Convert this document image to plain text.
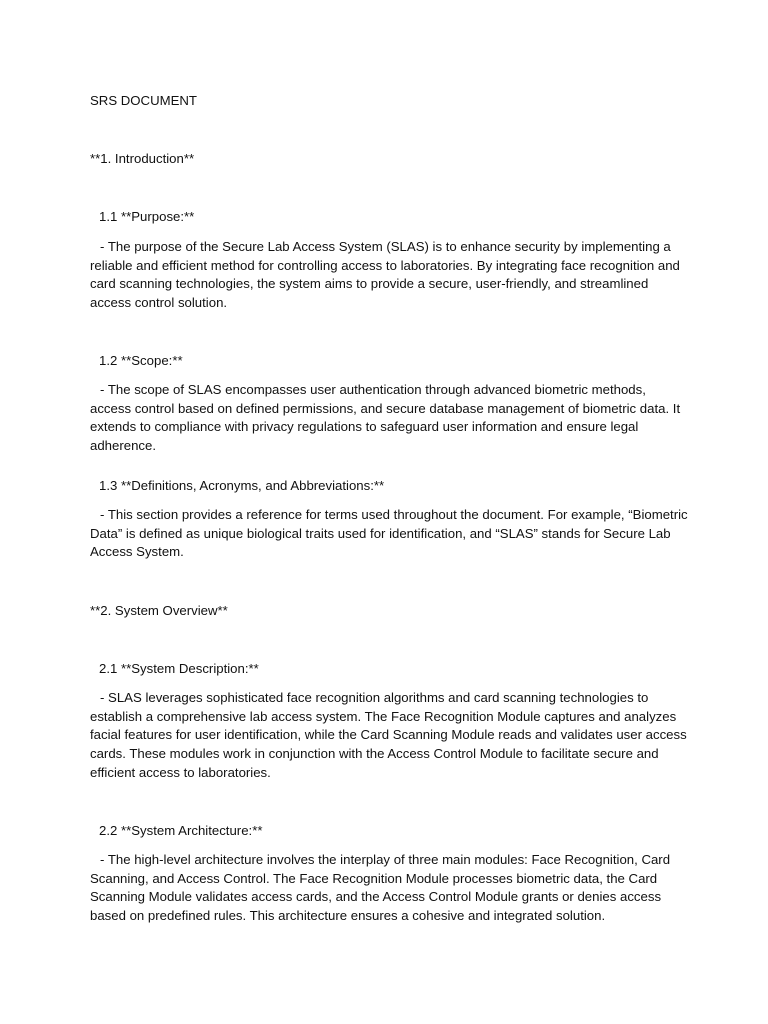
SRS DOCUMENT

**1. Introduction**

1.1 **Purpose:**

- The purpose of the Secure Lab Access System (SLAS) is to enhance security by implementing a reliable and efficient method for controlling access to laboratories. By integrating face recognition and card scanning technologies, the system aims to provide a secure, user-friendly, and streamlined access control solution.

1.2 **Scope:**

- The scope of SLAS encompasses user authentication through advanced biometric methods, access control based on defined permissions, and secure database management of biometric data. It extends to compliance with privacy regulations to safeguard user information and ensure legal adherence.

1.3 **Definitions, Acronyms, and Abbreviations:**

- This section provides a reference for terms used throughout the document. For example, “Biometric Data” is defined as unique biological traits used for identification, and “SLAS” stands for Secure Lab Access System.

**2. System Overview**

2.1 **System Description:**

- SLAS leverages sophisticated face recognition algorithms and card scanning technologies to establish a comprehensive lab access system. The Face Recognition Module captures and analyzes facial features for user identification, while the Card Scanning Module reads and validates user access cards. These modules work in conjunction with the Access Control Module to facilitate secure and efficient access to laboratories.

2.2 **System Architecture:**

- The high-level architecture involves the interplay of three main modules: Face Recognition, Card Scanning, and Access Control. The Face Recognition Module processes biometric data, the Card Scanning Module validates access cards, and the Access Control Module grants or denies access based on predefined rules. This architecture ensures a cohesive and integrated solution.
